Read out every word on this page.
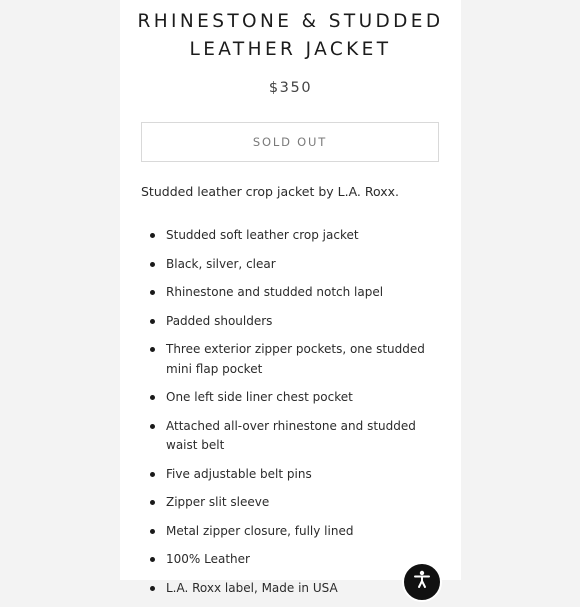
RHINESTONE & STUDDED
LEATHER JACKET
$350
SOLD OUT
Studded leather crop jacket by L.A. Roxx.
Studded soft leather crop jacket
Black, silver, clear
Rhinestone and studded notch lapel
Padded shoulders
Three exterior zipper pockets, one studded mini flap pocket
One left side liner chest pocket
Attached all-over rhinestone and studded waist belt
Five adjustable belt pins
Zipper slit sleeve
Metal zipper closure, fully lined
100% Leather
L.A. Roxx label, Made in USA
